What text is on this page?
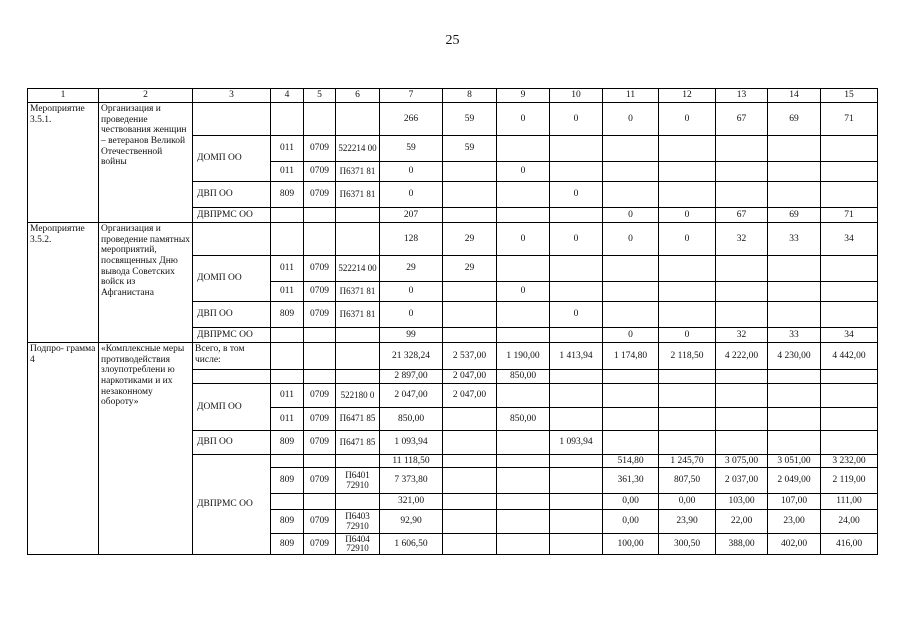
25
1	2	3	4	5	6	7	8	9	10	11	12	13	14	15
Мероприятие 3.5.1.	Организация и проведение чествования женщин – ветеранов Великой Отечественной войны					266	59	0	0	0	0	67	69	71
		ДОМП ОО	011	0709	522214 00	59	59							
			011	0709	П6371 81	0		0						
		ДВП ОО	809	0709	П6371 81	0			0					
		ДВПРМС ОО				207				0	0	67	69	71
Мероприятие 3.5.2.	Организация и проведение памятных мероприятий, посвященных Дню вывода Советских войск из Афганистана					128	29	0	0	0	0	32	33	34
		ДОМП ОО	011	0709	522214 00	29	29							
			011	0709	П6371 81	0		0						
		ДВП ОО	809	0709	П6371 81	0			0					
		ДВПРМС ОО				99				0	0	32	33	34
Подпро- грамма 4	«Комплексные меры противодействия злоупотреблени ю наркотиками и их незаконному обороту»	Всего, в том числе:				21 328,24	2 537,00	1 190,00	1 413,94	1 174,80	2 118,50	4 222,00	4 230,00	4 442,00
						2 897,00	2 047,00	850,00						
		ДОМП ОО	011	0709	522180 0	2 047,00	2 047,00							
			011	0709	П6471 85	850,00		850,00						
		ДВП ОО	809	0709	П6471 85	1 093,94			1 093,94					
		ДВПРМС ОО				11 118,50				514,80	1 245,70	3 075,00	3 051,00	3 232,00
			809	0709	П6401 72910	7 373,80				361,30	807,50	2 037,00	2 049,00	2 119,00
						321,00				0,00	0,00	103,00	107,00	111,00
			809	0709	П6403 72910	92,90				0,00	23,90	22,00	23,00	24,00
			809	0709	П6404 72910	1 606,50				100,00	300,50	388,00	402,00	416,00
